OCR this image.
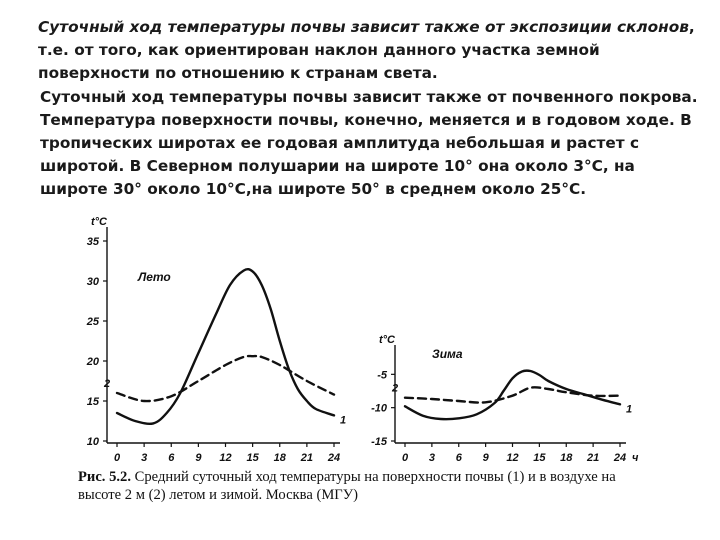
Суточный ход температуры почвы зависит также от экспозиции склонов, т.е. от того, как ориентирован наклон данного участка земной поверхности по отношению к странам света.

Суточный ход температуры почвы зависит также от почвенного покрова. Температура поверхности почвы, конечно, меняется и в годовом ходе. В тропических широтах ее годовая амплитуда небольшая и растет с широтой. В Северном полушарии на широте 10° она около 3°С, на широте 30° около 10°С,на широте 50° в среднем около 25°С.

10
15
20
25
30
35
t°C
0 3 6 9 12 15 18 21 24
Лето
1
2
-5
-10
-15
t°C
0 3 6 9 12 15 18 21 24 ч
Зима
1
2
Рис. 5.2. Средний суточный ход температуры на поверхности почвы (1) и в воздухе на высоте 2 м (2) летом и зимой. Москва (МГУ)
